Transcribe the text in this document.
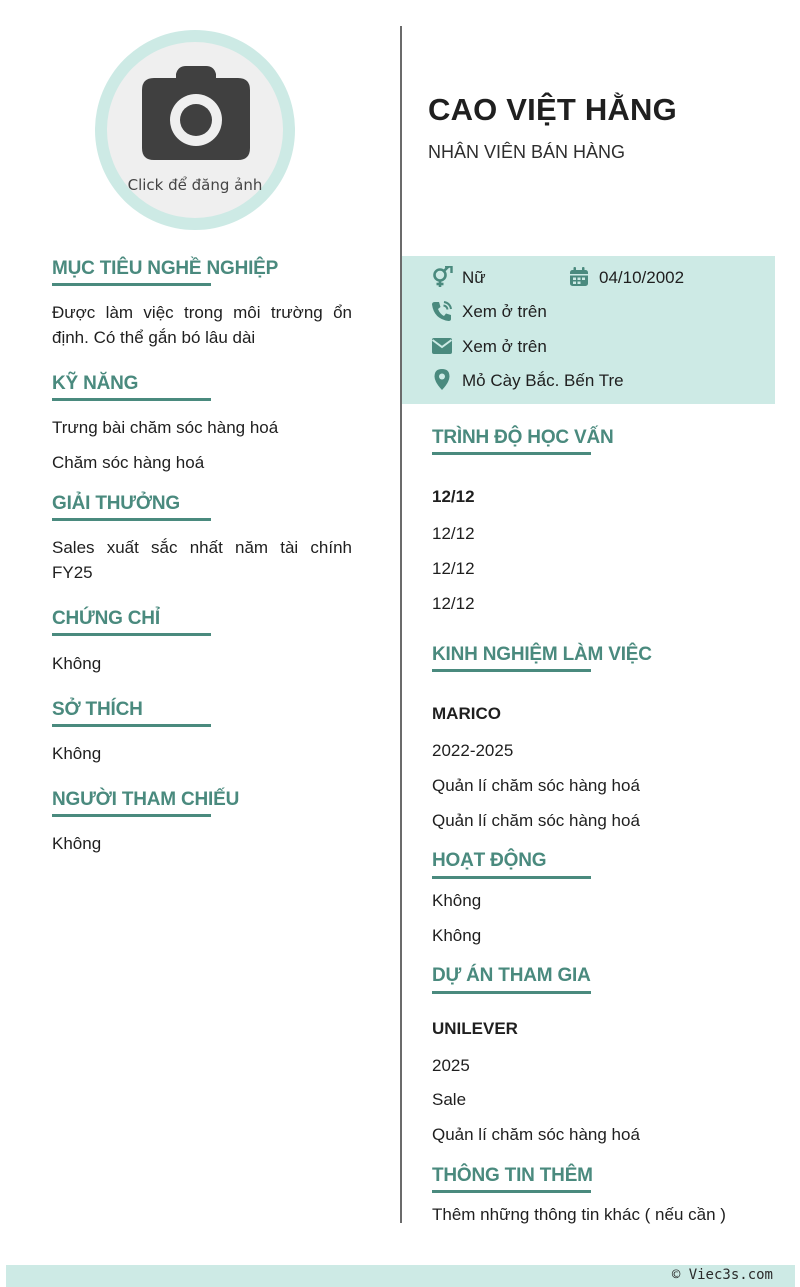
Click để đăng ảnh
CAO VIỆT HẰNG
NHÂN VIÊN BÁN HÀNG
Nữ	04/10/2002
Xem ở trên
Xem ở trên
Mỏ Cày Bắc. Bến Tre
MỤC TIÊU NGHỀ NGHIỆP
Được làm việc trong môi trường ổn định. Có thể gắn bó lâu dài
KỸ NĂNG
Trưng bài chăm sóc hàng hoá
Chăm sóc hàng hoá
GIẢI THƯỞNG
Sales xuất sắc nhất năm tài chính FY25
CHỨNG CHỈ
Không
SỞ THÍCH
Không
NGƯỜI THAM CHIẾU
Không
TRÌNH ĐỘ HỌC VẤN
12/12
12/12
12/12
12/12
KINH NGHIỆM LÀM VIỆC
MARICO
2022-2025
Quản lí chăm sóc hàng hoá
Quản lí chăm sóc hàng hoá
HOẠT ĐỘNG
Không
Không
DỰ ÁN THAM GIA
UNILEVER
2025
Sale
Quản lí chăm sóc hàng hoá
THÔNG TIN THÊM
Thêm những thông tin khác ( nếu cần )
© Viec3s.com
